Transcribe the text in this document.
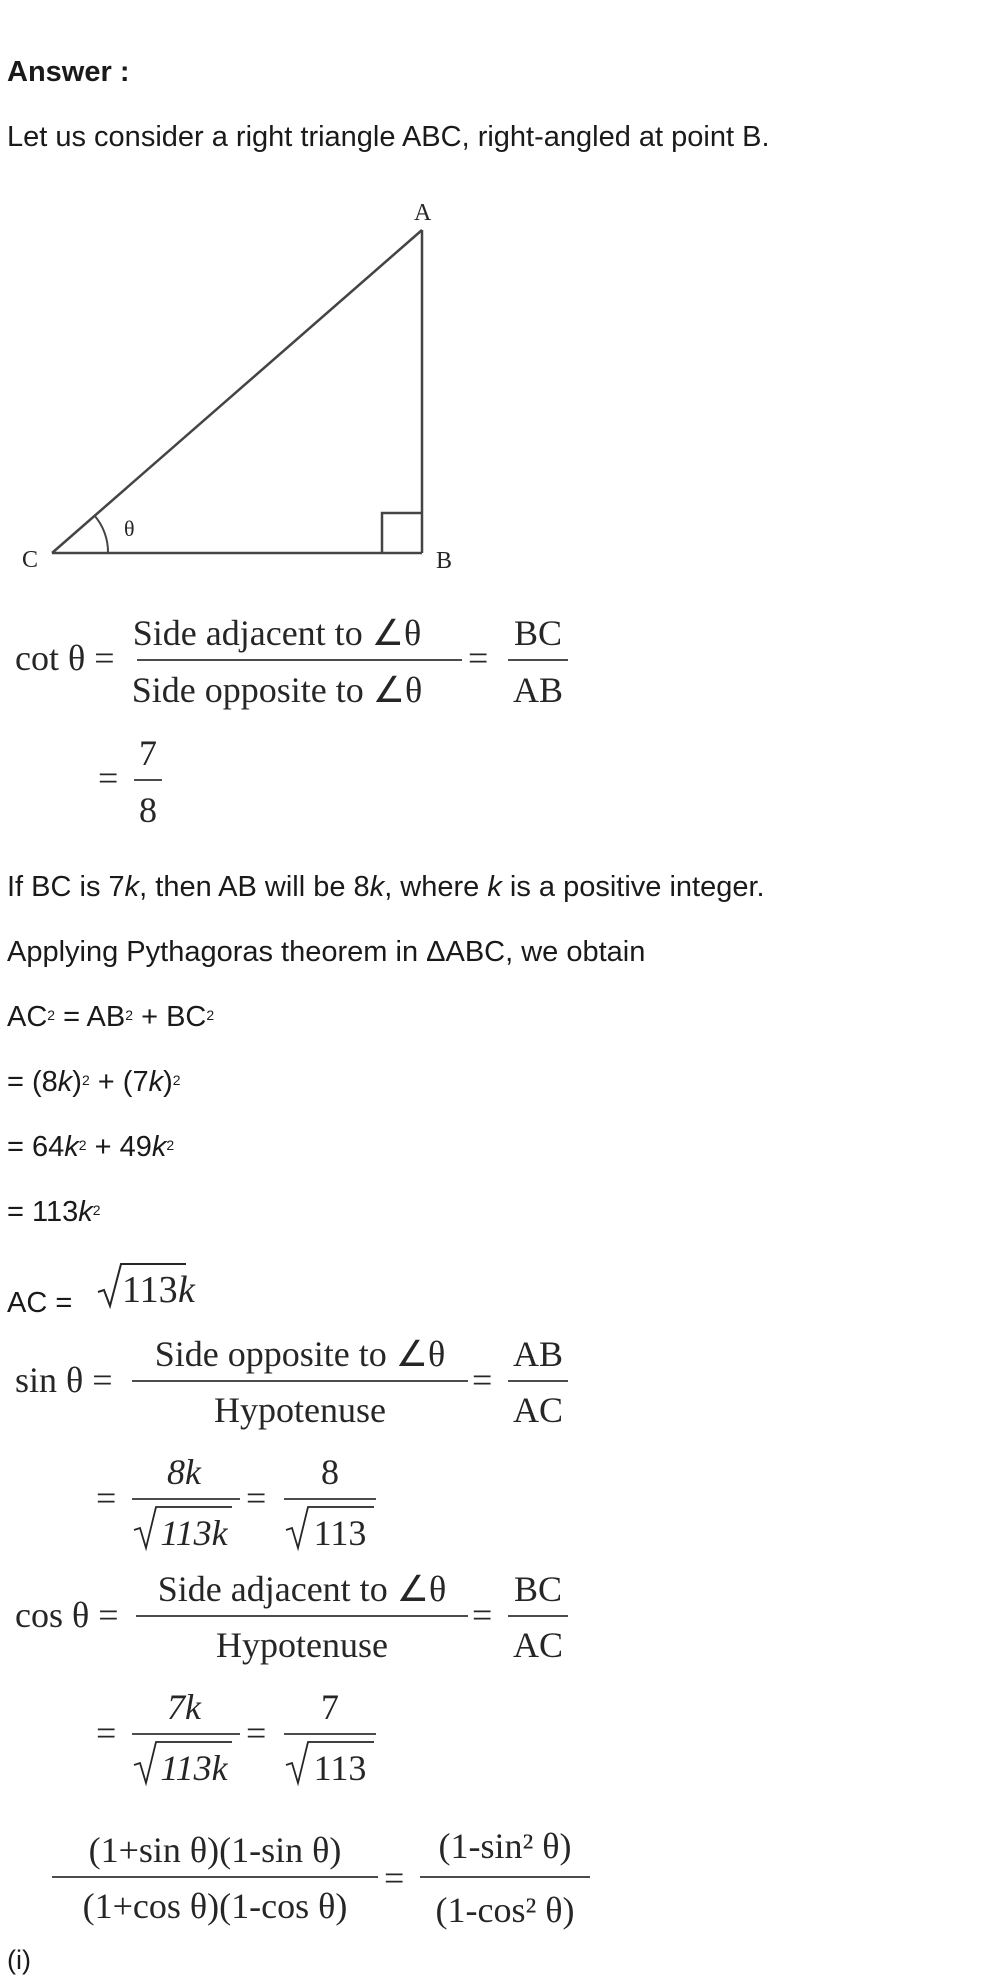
Answer :
Let us consider a right triangle ABC, right-angled at point B.
A
B
C
θ
cot θ =
Side adjacent to ∠θ
Side opposite to ∠θ
=
BC
AB
=
7
8
If BC is 7k, then AB will be 8k, where k is a positive integer.
Applying Pythagoras theorem in ΔABC, we obtain
$AC^2 = AB^2 + BC^2$
= $(8k)^2 + (7k)^2$
= $64k^2 + 49k^2$
= $113k^2$
AC =
(i)
113 k
sin θ =
Side opposite to ∠θ
Hypotenuse
=
AB
AC
=
8k
113k
=
8
113
cos θ =
Side adjacent to ∠θ
Hypotenuse
=
BC
AC
=
7k
113k
=
7
113
(1+sin θ)(1-sin θ)
(1+cos θ)(1-cos θ)
=
(1-sin² θ)
(1-cos² θ)
